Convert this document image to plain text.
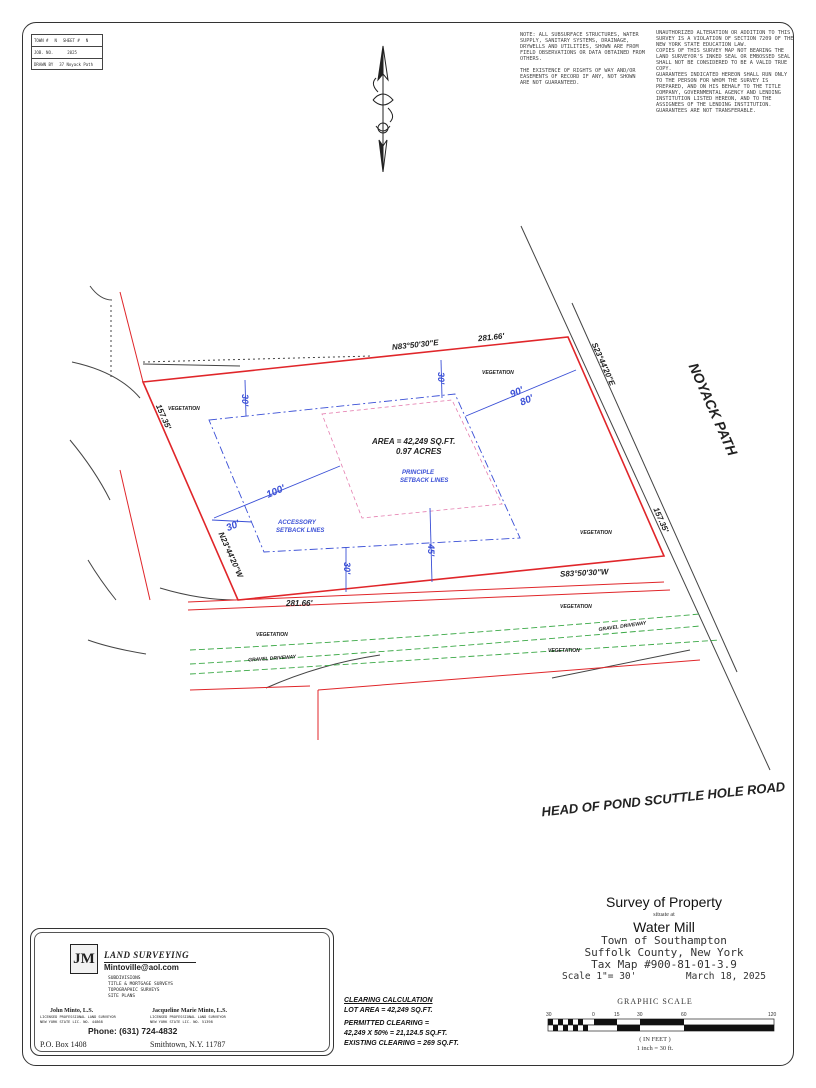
TOWN # N SHEET # N
JOB. NO.	2025
DRAWN BY 37 Noyack Path
NOTE: ALL SUBSURFACE STRUCTURES, WATER SUPPLY, SANITARY SYSTEMS, DRAINAGE, DRYWELLS AND UTILITIES, SHOWN ARE FROM FIELD OBSERVATIONS OR DATA OBTAINED FROM OTHERS.

THE EXISTENCE OF RIGHTS OF WAY AND/OR EASEMENTS OF RECORD IF ANY, NOT SHOWN ARE NOT GUARANTEED.
UNAUTHORIZED ALTERATION OR ADDITION TO THIS SURVEY IS A VIOLATION OF SECTION 7209 OF THE NEW YORK STATE EDUCATION LAW.
COPIES OF THIS SURVEY MAP NOT BEARING THE LAND SURVEYOR'S INKED SEAL OR EMBOSSED SEAL SHALL NOT BE CONSIDERED TO BE A VALID TRUE COPY.
GUARANTEES INDICATED HEREON SHALL RUN ONLY TO THE PERSON FOR WHOM THE SURVEY IS PREPARED, AND ON HIS BEHALF TO THE TITLE COMPANY, GOVERNMENTAL AGENCY AND LENDING INSTITUTION LISTED HEREON, AND TO THE ASSIGNEES OF THE LENDING INSTITUTION. GUARANTEES ARE NOT TRANSFERABLE.
30'
30'
90'
80'
100'
30'
30'
45'
N83°50'30"E
281.66'
S23°44'20"E
157.35'
S83°50'30"W
281.66'
N23°44'20"W
157.35'
AREA = 42,249 SQ.FT.
0.97 ACRES
PRINCIPLE
SETBACK LINES
ACCESSORY
SETBACK LINES
VEGETATION
VEGETATION
VEGETATION
VEGETATION
VEGETATION
VEGETATION
GRAVEL DRIVEWAY
GRAVEL DRIVEWAY
NOYACK PATH
HEAD OF POND SCUTTLE HOLE ROAD
30	0	15	30	60	120
Survey of Property
situate at
Water Mill
Town of Southampton
Suffolk County, New York
Tax Map #900-81-01-3.9
Scale 1"= 30'	March 18, 2025
GRAPHIC SCALE
( IN FEET )
1 inch = 30 ft.
CLEARING CALCULATION
LOT AREA = 42,249 SQ.FT.
PERMITTED CLEARING =
42,249 X 50% = 21,124.5 SQ.FT.
EXISTING CLEARING = 269 SQ.FT.
JM	LAND SURVEYING
Mintoville@aol.com
SUBDIVISIONS
TITLE & MORTGAGE SURVEYS
TOPOGRAPHIC SURVEYS
SITE PLANS
John Minto, L.S.	Jacqueline Marie Minto, L.S.
LICENSED PROFESSIONAL LAND SURVEYOR
NEW YORK STATE LIC. NO. 44868
LICENSED PROFESSIONAL LAND SURVEYOR
NEW YORK STATE LIC. NO. 51398
Phone: (631) 724-4832
P.O. Box 1408	Smithtown, N.Y. 11787
